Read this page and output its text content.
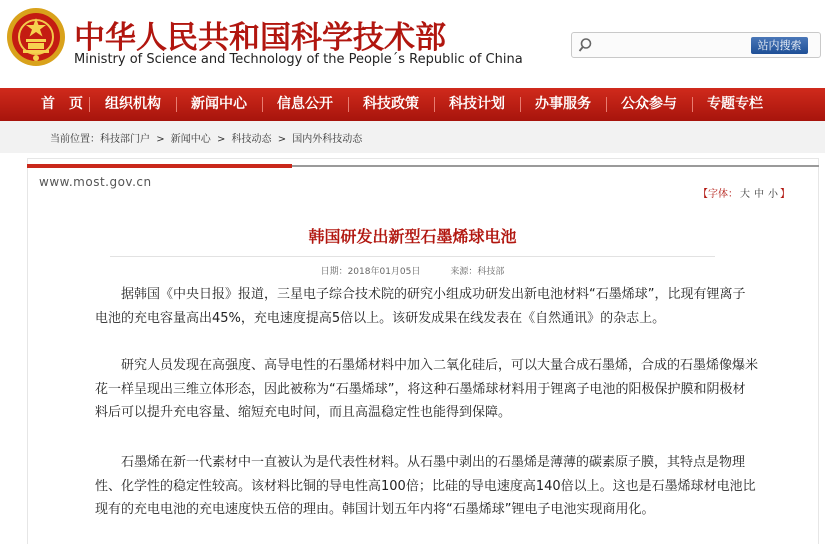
中华人民共和国科学技术部
Ministry of Science and Technology of the People´s Republic of China
站内搜索
首　页 组织机构 新闻中心 信息公开 科技政策 科技计划 办事服务 公众参与 专题专栏
当前位置：科技部门户 > 新闻中心 > 科技动态 > 国内外科技动态
www.most.gov.cn
【字体： 大 中 小 】
韩国研发出新型石墨烯球电池
日期：2018年01月05日	来源：科技部

据韩国《中央日报》报道，三星电子综合技术院的研究小组成功研发出新电池材料“石墨烯球”，比现有锂离子电池的充电容量高出45%，充电速度提高5倍以上。该研发成果在线发表在《自然通讯》的杂志上。

研究人员发现在高强度、高导电性的石墨烯材料中加入二氧化硅后，可以大量合成石墨烯，合成的石墨烯像爆米花一样呈现出三维立体形态，因此被称为“石墨烯球”，将这种石墨烯球材料用于锂离子电池的阳极保护膜和阴极材料后可以提升充电容量、缩短充电时间，而且高温稳定性也能得到保障。

石墨烯在新一代素材中一直被认为是代表性材料。从石墨中剥出的石墨烯是薄薄的碳素原子膜，其特点是物理性、化学性的稳定性较高。该材料比铜的导电性高100倍；比硅的导电速度高140倍以上。这也是石墨烯球材电池比现有的充电电池的充电速度快五倍的理由。韩国计划五年内将“石墨烯球”锂电子电池实现商用化。
